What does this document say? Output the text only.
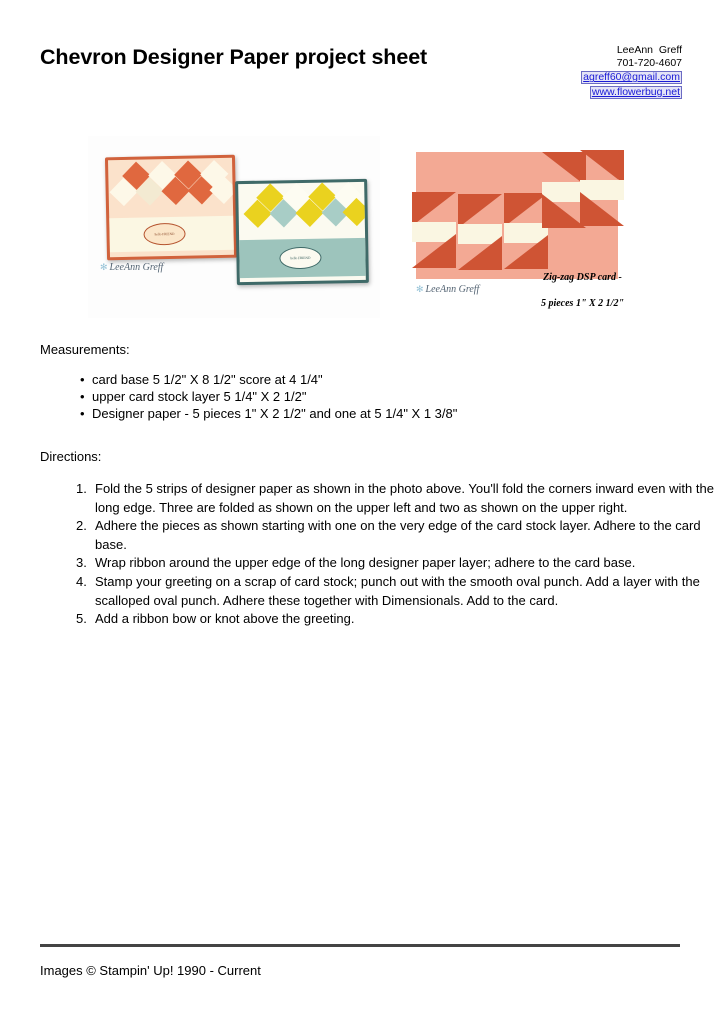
Chevron Designer Paper project sheet	LeeAnn  Greff
701-720-4607
agreff60@gmail.com
www.flowerbug.net
hello FRIEND
hello FRIEND
✻ LeeAnn Greff

Zig-zag DSP card -

5 pieces 1" X 2 1/2"

✻ LeeAnn Greff
Measurements:
• card base 5 1/2" X 8 1/2" score at 4 1/4"
• upper card stock layer 5 1/4" X 2 1/2"
• Designer paper - 5 pieces 1" X 2 1/2" and one at 5 1/4" X 1 3/8"
Directions:
Fold the 5 strips of designer paper as shown in the photo above. You'll fold the corners inward even with the long edge. Three are folded as shown on the upper left and two as shown on the upper right.
Adhere the pieces as shown starting with one on the very edge of the card stock layer. Adhere to the card base.
Wrap ribbon around the upper edge of the long designer paper layer; adhere to the card base.
Stamp your greeting on a scrap of card stock; punch out with the smooth oval punch. Add a layer with the scalloped oval punch. Adhere these together with Dimensionals. Add to the card.
Add a ribbon bow or knot above the greeting.
Images © Stampin' Up! 1990 - Current
